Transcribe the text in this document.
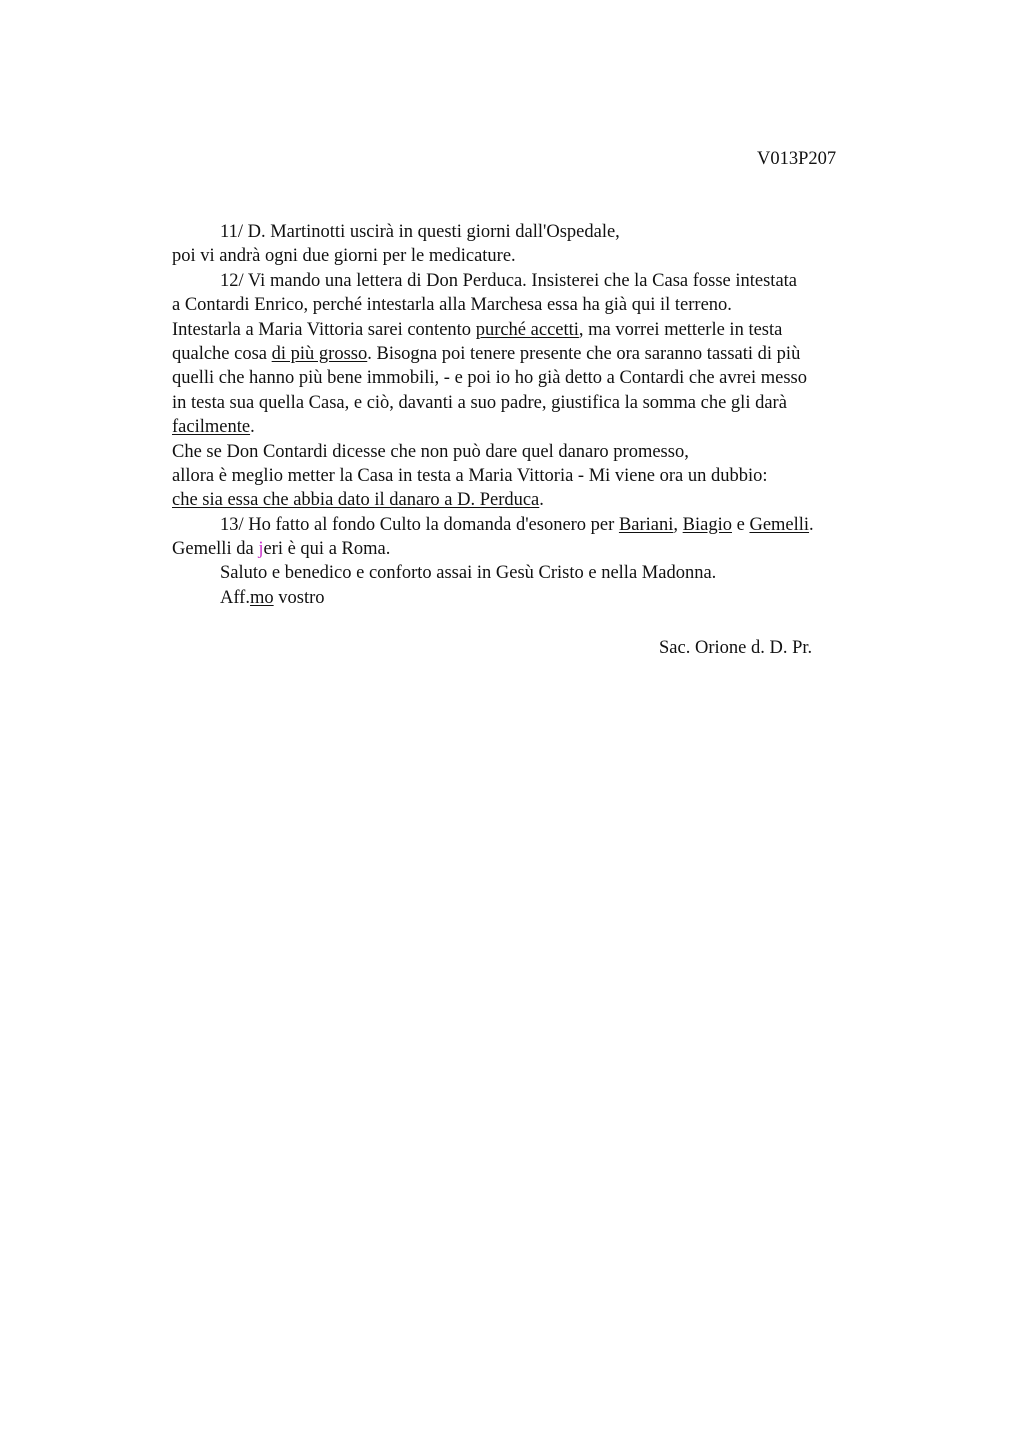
V013P207
11/ D. Martinotti uscirà in questi giorni dall'Ospedale,
poi vi andrà ogni due giorni per le medicature.
12/ Vi mando una lettera di Don Perduca. Insisterei che la Casa fosse intestata
a Contardi Enrico, perché intestarla alla Marchesa essa ha già qui il terreno.
Intestarla a Maria Vittoria sarei contento purché accetti, ma vorrei metterle in testa
qualche cosa di più grosso. Bisogna poi tenere presente che ora saranno tassati di più
quelli che hanno più bene immobili, - e poi io ho già detto a Contardi che avrei messo
in testa sua quella Casa, e ciò, davanti a suo padre, giustifica la somma che gli darà
facilmente.
Che se Don Contardi dicesse che non può dare quel danaro promesso,
allora è meglio metter la Casa in testa a Maria Vittoria - Mi viene ora un dubbio:
che sia essa che abbia dato il danaro a D. Perduca.
13/ Ho fatto al fondo Culto la domanda d'esonero per Bariani, Biagio e Gemelli.
Gemelli da jeri è qui a Roma.
Saluto e benedico e conforto assai in Gesù Cristo e nella Madonna.
Aff.mo vostro
Sac. Orione d. D. Pr.
